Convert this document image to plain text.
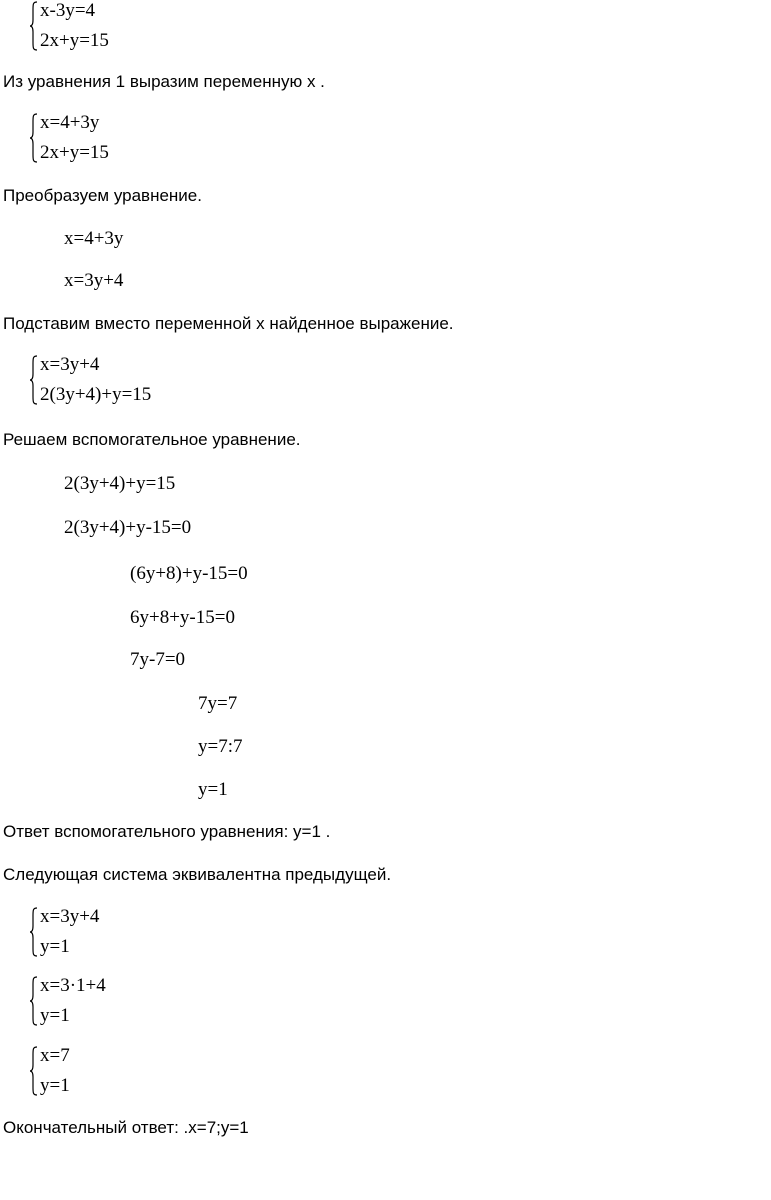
x-3y=4
2x+y=15
Из уравнения 1 выразим переменную x .
x=4+3y
2x+y=15
Преобразуем уравнение.
x=4+3y
x=3y+4
Подставим вместо переменной x найденное выражение.
x=3y+4
2(3y+4)+y=15
Решаем вспомогательное уравнение.
2(3y+4)+y=15
2(3y+4)+y-15=0
(6y+8)+y-15=0
6y+8+y-15=0
7y-7=0
7y=7
y=7:7
y=1
Ответ вспомогательного уравнения: y=1 .
Следующая система эквивалентна предыдущей.
x=3y+4
y=1
x=3·1+4
y=1
x=7
y=1
Окончательный ответ: .x=7;y=1
